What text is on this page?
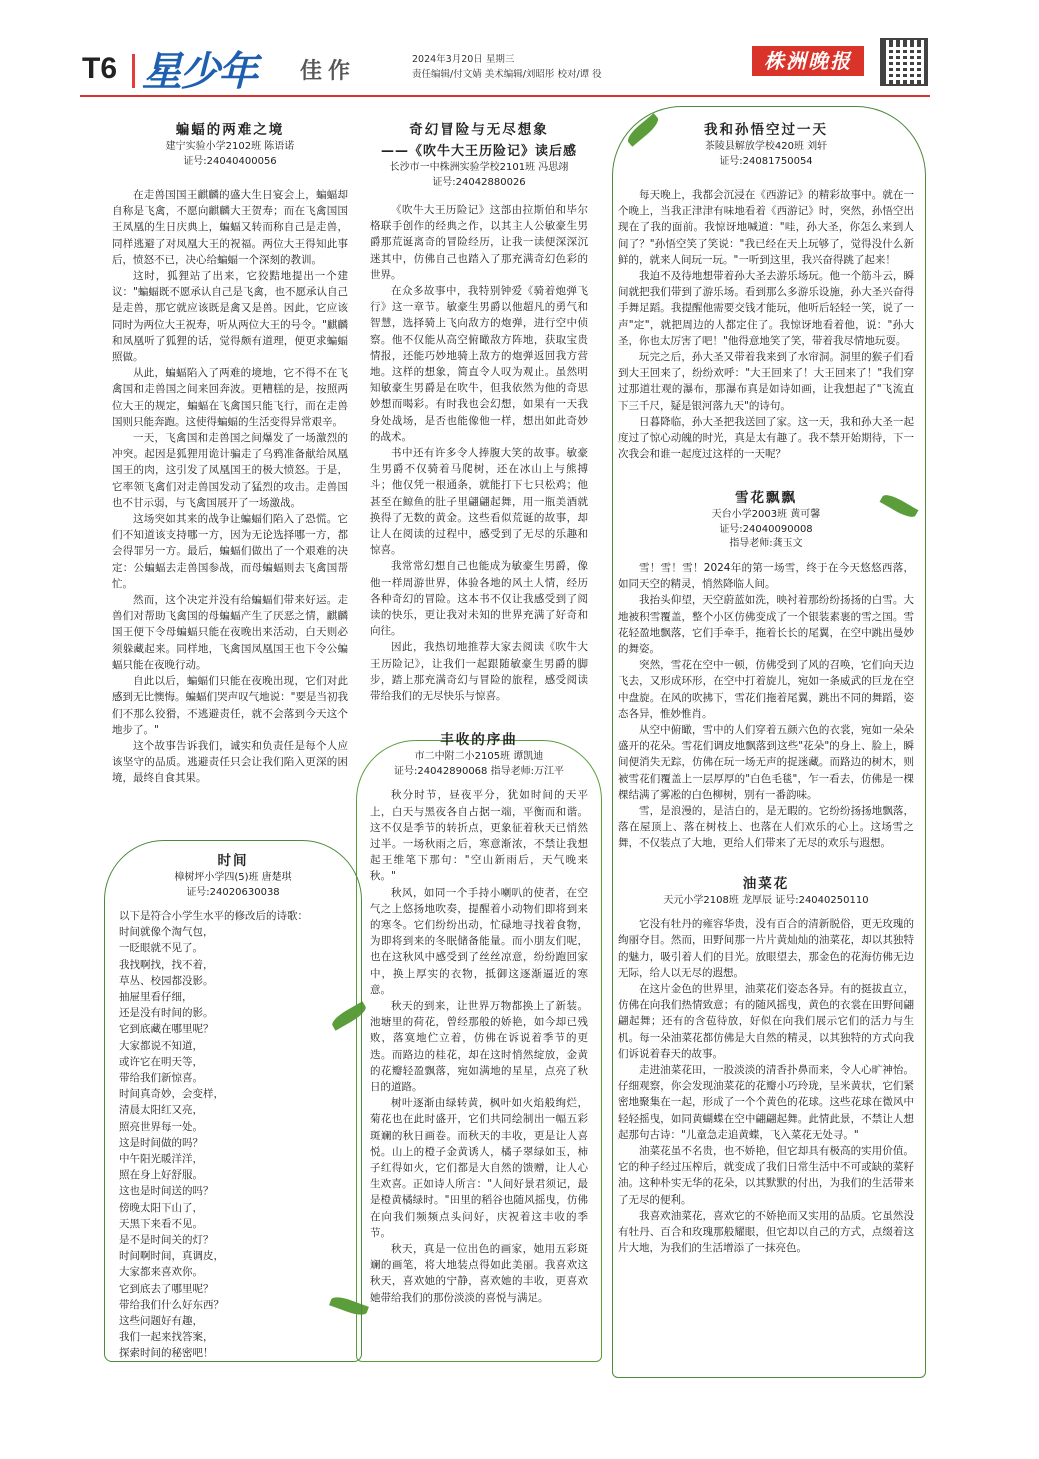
T6 星少年 佳作	2024年3月20日 星期三
责任编辑/付文婧 美术编辑/刘昭彤 校对/谭 役
株洲晚报
蝙蝠的两难之境
建宁实验小学2102班 陈语诺
证号:24040400056

在走兽国国王麒麟的盛大生日宴会上，蝙蝠却自称是飞禽，不愿向麒麟大王贺寿；而在飞禽国国王凤凰的生日庆典上，蝙蝠又转而称自己是走兽，同样逃避了对凤凰大王的祝福。两位大王得知此事后，愤怒不已，决心给蝙蝠一个深刻的教训。

这时，狐狸站了出来，它狡黠地提出一个建议："蝙蝠既不愿承认自己是飞禽，也不愿承认自己是走兽，那它就应该既是禽又是兽。因此，它应该同时为两位大王祝寿，听从两位大王的号令。"麒麟和凤凰听了狐狸的话，觉得颇有道理，便更求蝙蝠照做。

从此，蝙蝠陷入了两难的境地，它不得不在飞禽国和走兽国之间来回奔波。更糟糕的是，按照两位大王的规定，蝙蝠在飞禽国只能飞行，而在走兽国则只能奔跑。这使得蝙蝠的生活变得异常艰辛。

一天，飞禽国和走兽国之间爆发了一场激烈的冲突。起因是狐狸用诡计骗走了乌鸦准备献给凤凰国王的肉，这引发了凤凰国王的极大愤怒。于是，它率领飞禽们对走兽国发动了猛烈的攻击。走兽国也不甘示弱，与飞禽国展开了一场激战。

这场突如其来的战争让蝙蝠们陷入了恐慌。它们不知道该支持哪一方，因为无论选择哪一方，都会得罪另一方。最后，蝙蝠们做出了一个艰难的决定：公蝙蝠去走兽国参战，而母蝙蝠则去飞禽国帮忙。

然而，这个决定并没有给蝙蝠们带来好运。走兽们对帮助飞禽国的母蝙蝠产生了厌恶之情，麒麟国王便下令母蝙蝠只能在夜晚出来活动，白天则必须躲藏起来。同样地，飞禽国凤凰国王也下令公蝙蝠只能在夜晚行动。

自此以后，蝙蝠们只能在夜晚出现，它们对此感到无比懊悔。蝙蝠们哭声叹气地说："要是当初我们不那么狡猾，不逃避责任，就不会落到今天这个地步了。"

这个故事告诉我们，诚实和负责任是每个人应该坚守的品质。逃避责任只会让我们陷入更深的困境，最终自食其果。

时间
樟树坪小学四(5)班 唐楚琪
证号:24020630038
以下是符合小学生水平的修改后的诗歌：
时间就像个淘气包，
一眨眼就不见了。
我找啊找，找不着，
草丛、校园都没影。
抽屉里看仔细，
还是没有时间的影。
它到底藏在哪里呢？
大家都说不知道，
或许它在明天等，
带给我们新惊喜。
时间真奇妙，会变样，
清晨太阳红又亮，
照亮世界每一处。
这是时间做的吗？
中午阳光暖洋洋，
照在身上好舒服。
这也是时间送的吗？
傍晚太阳下山了，
天黑下来看不见。
是不是时间关的灯？
时间啊时间，真调皮，
大家都来喜欢你。
它到底去了哪里呢？
带给我们什么好东西？
这些问题好有趣，
我们一起来找答案，
探索时间的秘密吧！
奇幻冒险与无尽想象
——《吹牛大王历险记》读后感
长沙市一中株洲实验学校2101班 冯思翊
证号:24042880026

《吹牛大王历险记》这部由拉斯伯和毕尔格联手创作的经典之作，以其主人公敏豪生男爵那荒诞离奇的冒险经历，让我一读便深深沉迷其中，仿佛自己也踏入了那充满奇幻色彩的世界。

在众多故事中，我特别钟爱《骑着炮弹飞行》这一章节。敏豪生男爵以他超凡的勇气和智慧，选择骑上飞向敌方的炮弹，进行空中侦察。他不仅能从高空俯瞰敌方阵地，获取宝贵情报，还能巧妙地骑上敌方的炮弹返回我方营地。这样的想象，简直令人叹为观止。虽然明知敏豪生男爵是在吹牛，但我依然为他的奇思妙想而喝彩。有时我也会幻想，如果有一天我身处战场，是否也能像他一样，想出如此奇妙的战术。

书中还有许多令人捧腹大笑的故事。敏豪生男爵不仅骑着马爬树，还在冰山上与熊搏斗；他仅凭一根通条，就能打下七只松鸡；他甚至在鲸鱼的肚子里翩翩起舞，用一瓶美酒就换得了无数的黄金。这些看似荒诞的故事，却让人在阅读的过程中，感受到了无尽的乐趣和惊喜。

我常常幻想自己也能成为敏豪生男爵，像他一样周游世界，体验各地的风土人情，经历各种奇幻的冒险。这本书不仅让我感受到了阅读的快乐，更让我对未知的世界充满了好奇和向往。

因此，我热切地推荐大家去阅读《吹牛大王历险记》，让我们一起跟随敏豪生男爵的脚步，踏上那充满奇幻与冒险的旅程，感受阅读带给我们的无尽快乐与惊喜。

丰收的序曲
市二中附二小2105班 谭凯迪
证号:24042890068 指导老师:万江平

秋分时节，昼夜平分，犹如时间的天平上，白天与黑夜各自占据一端，平衡而和谐。这不仅是季节的转折点，更象征着秋天已悄然过半。一场秋雨之后，寒意渐浓，不禁让我想起王维笔下那句："空山新雨后，天气晚来秋。"

秋风，如同一个手持小喇叭的使者，在空气之上悠扬地吹奏，提醒着小动物们即将到来的寒冬。它们纷纷出动，忙碌地寻找着食物，为即将到来的冬眠储备能量。而小朋友们呢，也在这秋风中感受到了丝丝凉意，纷纷跑回家中，换上厚实的衣物，抵御这逐渐逼近的寒意。

秋天的到来，让世界万物都换上了新装。池塘里的荷花，曾经那般的娇艳，如今却已残败，落寞地伫立着，仿佛在诉说着季节的更迭。而路边的桂花，却在这时悄然绽放，金黄的花瓣轻盈飘落，宛如满地的星星，点亮了秋日的道路。

树叶逐渐由绿转黄，枫叶如火焰般绚烂，菊花也在此时盛开，它们共同绘制出一幅五彩斑斓的秋日画卷。而秋天的丰收，更是让人喜悦。山上的橙子金黄诱人，橘子翠绿如玉，柿子红得如火，它们都是大自然的馈赠，让人心生欢喜。正如诗人所言："人间好景君须记，最是橙黄橘绿时。"田里的稻谷也随风摇曳，仿佛在向我们频频点头问好，庆祝着这丰收的季节。

秋天，真是一位出色的画家，她用五彩斑斓的画笔，将大地装点得如此美丽。我喜欢这秋天，喜欢她的宁静，喜欢她的丰收，更喜欢她带给我们的那份淡淡的喜悦与满足。

我和孙悟空过一天
茶陵县解放学校420班 刘轩
证号:24081750054

每天晚上，我都会沉浸在《西游记》的精彩故事中。就在一个晚上，当我正津津有味地看着《西游记》时，突然，孙悟空出现在了我的面前。我惊讶地喊道："哇，孙大圣，你怎么来到人间了？"孙悟空笑了笑说："我已经在天上玩够了，觉得没什么新鲜的，就来人间玩一玩。"一听到这里，我兴奋得跳了起来！

我迫不及待地想带着孙大圣去游乐场玩。他一个筋斗云，瞬间就把我们带到了游乐场。看到那么多游乐设施，孙大圣兴奋得手舞足蹈。我提醒他需要交钱才能玩，他听后轻轻一笑，说了一声"定"，就把周边的人都定住了。我惊讶地看着他，说："孙大圣，你也太厉害了吧！"他得意地笑了笑，带着我尽情地玩耍。

玩完之后，孙大圣又带着我来到了水帘洞。洞里的猴子们看到大王回来了，纷纷欢呼："大王回来了！大王回来了！"我们穿过那道壮观的瀑布，那瀑布真是如诗如画，让我想起了"飞流直下三千尺，疑是银河落九天"的诗句。

日暮降临，孙大圣把我送回了家。这一天，我和孙大圣一起度过了惊心动魄的时光，真是太有趣了。我不禁开始期待，下一次我会和谁一起度过这样的一天呢？

雪花飘飘
天台小学2003班 黄可馨
证号:24040090008
指导老师:龚玉文

雪！雪！雪！2024年的第一场雪，终于在今天悠悠西落，如同天空的精灵，悄然降临人间。

我抬头仰望，天空蔚蓝如洗，映衬着那纷纷扬扬的白雪。大地被积雪覆盖，整个小区仿佛变成了一个银装素裹的雪之国。雪花轻盈地飘落，它们手牵手，拖着长长的尾翼，在空中跳出曼妙的舞姿。

突然，雪花在空中一顿，仿佛受到了风的召唤，它们向天边飞去，又形成环形，在空中打着旋儿，宛如一条威武的巨龙在空中盘旋。在风的吹拂下，雪花们拖着尾翼，跳出不同的舞蹈，姿态各异，惟妙惟肖。

从空中俯瞰，雪中的人们穿着五颜六色的衣裳，宛如一朵朵盛开的花朵。雪花们调皮地飘落到这些"花朵"的身上、脸上，瞬间便消失无踪，仿佛在玩一场无声的捉迷藏。而路边的树木，则被雪花们覆盖上一层厚厚的"白色毛毯"，乍一看去，仿佛是一棵棵结满了雾凇的白色柳树，别有一番韵味。

雪，是浪漫的，是洁白的，是无暇的。它纷纷扬扬地飘落，落在屋顶上、落在树枝上、也落在人们欢乐的心上。这场雪之舞，不仅装点了大地，更给人们带来了无尽的欢乐与遐想。

油菜花
天元小学2108班 龙厚辰 证号:24040250110

它没有牡丹的雍容华贵，没有百合的清新脱俗，更无玫瑰的绚丽夺目。然而，田野间那一片片黄灿灿的油菜花，却以其独特的魅力，吸引着人们的目光。放眼望去，那金色的花海仿佛无边无际，给人以无尽的遐想。

在这片金色的世界里，油菜花们姿态各异。有的挺拔直立，仿佛在向我们热情致意；有的随风摇曳，黄色的衣裳在田野间翩翩起舞；还有的含苞待放，好似在向我们展示它们的活力与生机。每一朵油菜花都仿佛是大自然的精灵，以其独特的方式向我们诉说着春天的故事。

走进油菜花田，一股淡淡的清香扑鼻而来，令人心旷神怡。仔细观察，你会发现油菜花的花瓣小巧玲珑，呈米黄状，它们紧密地聚集在一起，形成了一个个黄色的花球。这些花球在微风中轻轻摇曳，如同黄蝴蝶在空中翩翩起舞。此情此景，不禁让人想起那句古诗："儿童急走追黄蝶，飞入菜花无处寻。"

油菜花虽不名贵，也不娇艳，但它却具有极高的实用价值。它的种子经过压榨后，就变成了我们日常生活中不可或缺的菜籽油。这种朴实无华的花朵，以其默默的付出，为我们的生活带来了无尽的便利。

我喜欢油菜花，喜欢它的不娇艳而又实用的品质。它虽然没有牡丹、百合和玫瑰那般耀眼，但它却以自己的方式，点缀着这片大地，为我们的生活增添了一抹亮色。
